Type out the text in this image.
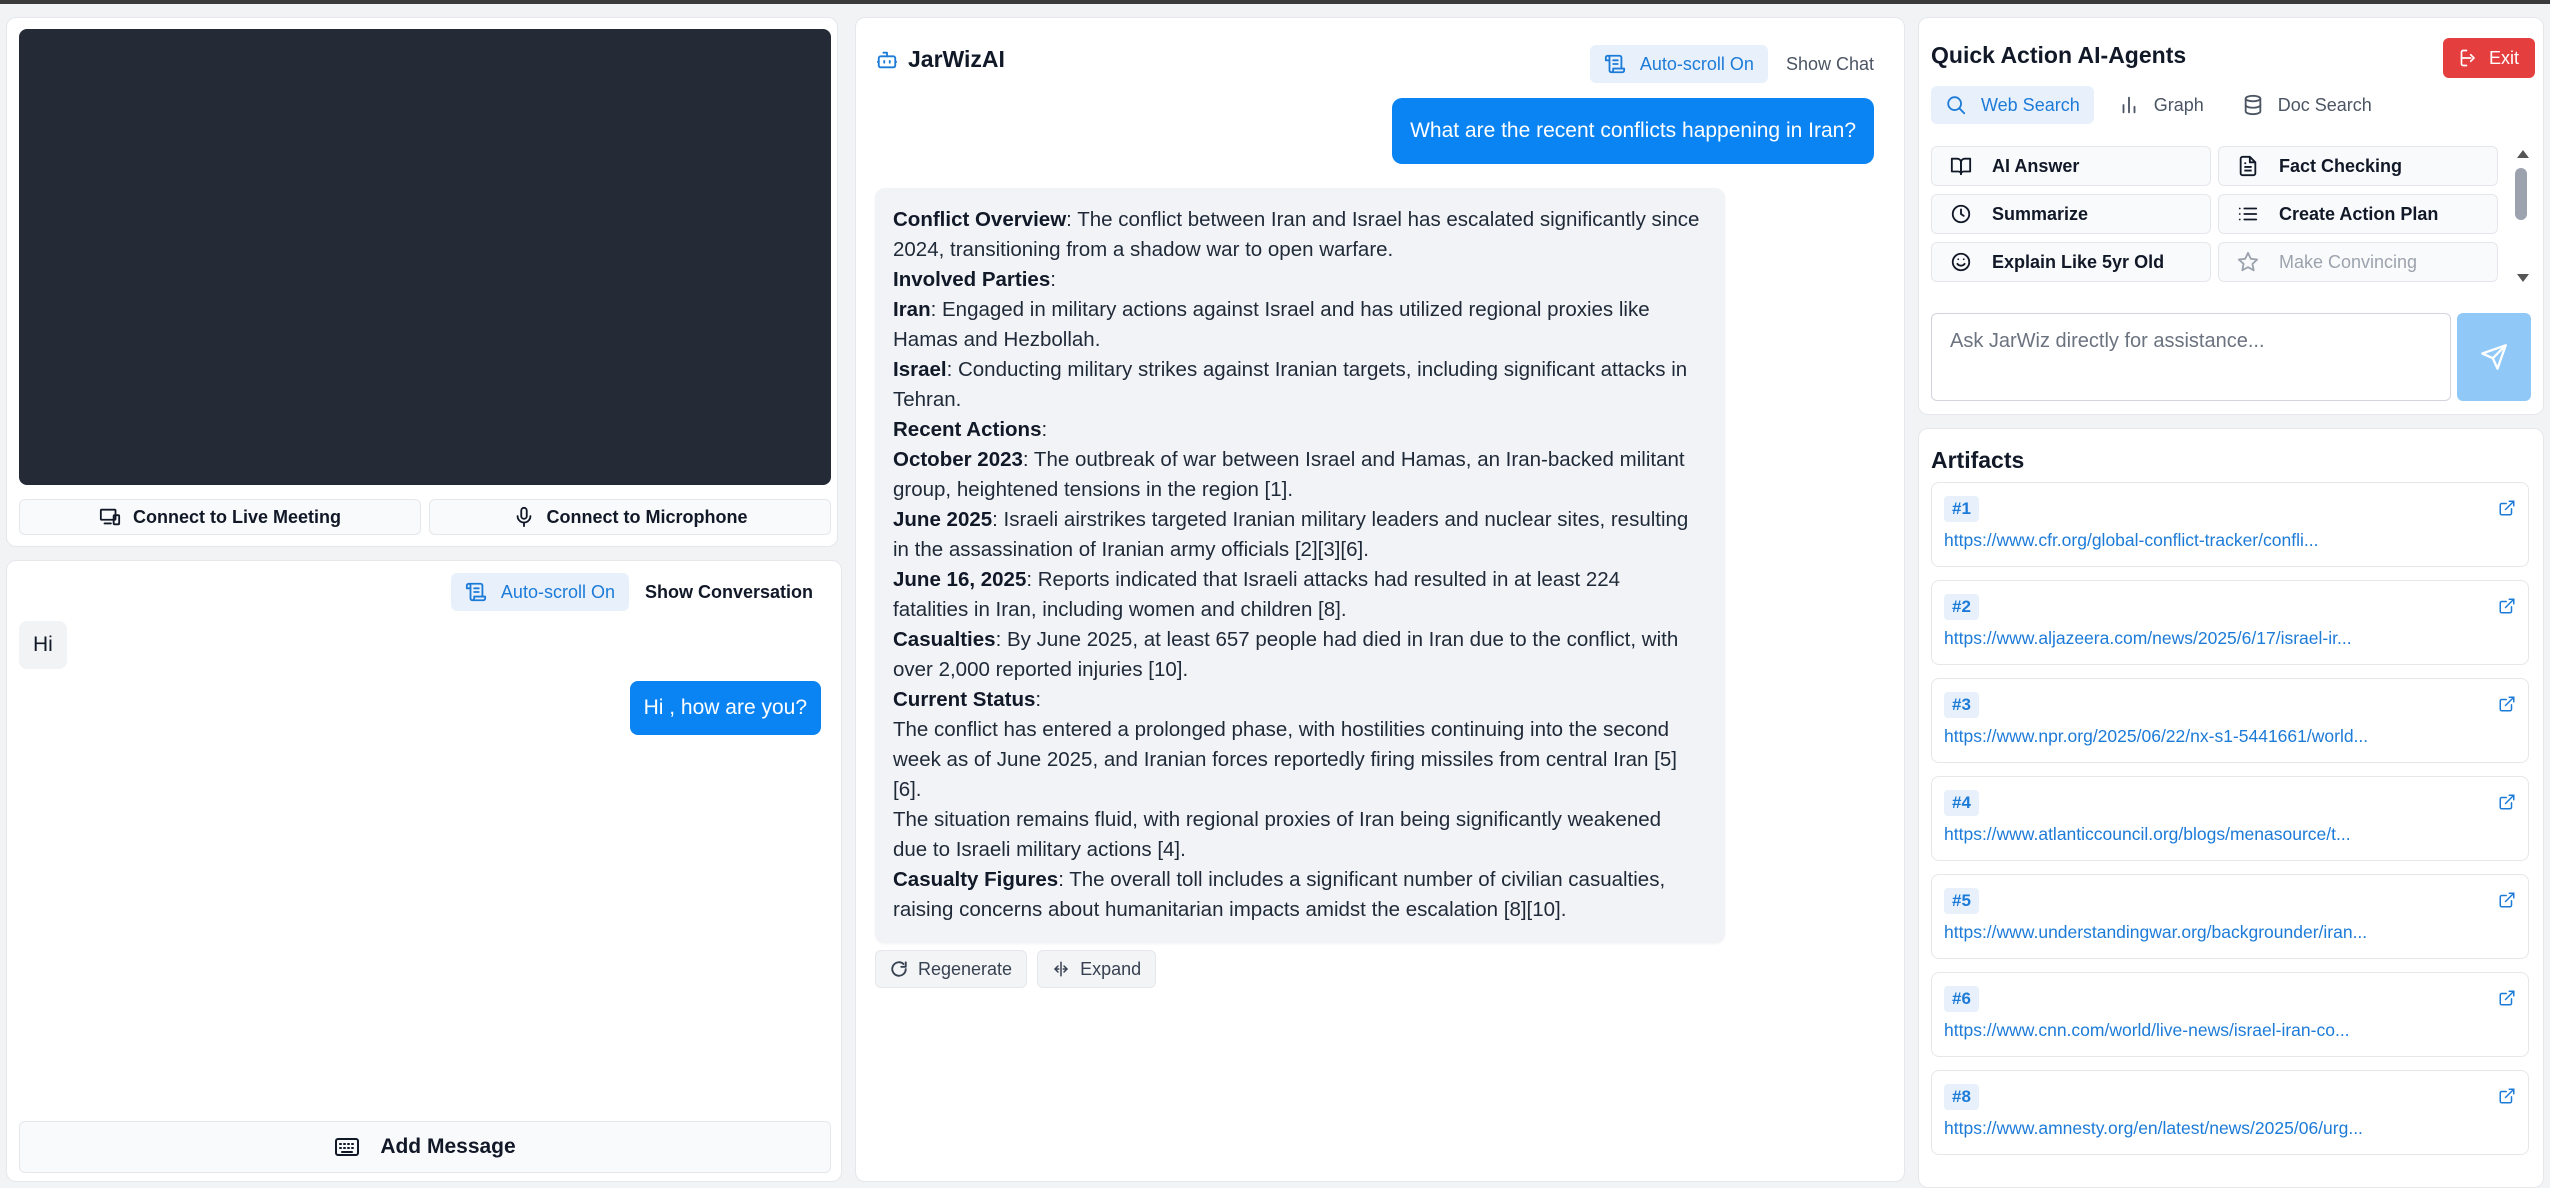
Connect to Live Meeting	Connect to Microphone
Auto-scroll On	Show Conversation
Hi
Hi , how are you?
Add Message
JarWizAI	Auto-scroll On	Show Chat
What are the recent conflicts happening in Iran?
Conflict Overview: The conflict between Iran and Israel has escalated significantly since
2024, transitioning from a shadow war to open warfare.
Involved Parties:
Iran: Engaged in military actions against Israel and has utilized regional proxies like
Hamas and Hezbollah.
Israel: Conducting military strikes against Iranian targets, including significant attacks in
Tehran.
Recent Actions:
October 2023: The outbreak of war between Israel and Hamas, an Iran-backed militant
group, heightened tensions in the region [1].
June 2025: Israeli airstrikes targeted Iranian military leaders and nuclear sites, resulting
in the assassination of Iranian army officials [2][3][6].
June 16, 2025: Reports indicated that Israeli attacks had resulted in at least 224
fatalities in Iran, including women and children [8].
Casualties: By June 2025, at least 657 people had died in Iran due to the conflict, with
over 2,000 reported injuries [10].
Current Status:
The conflict has entered a prolonged phase, with hostilities continuing into the second
week as of June 2025, and Iranian forces reportedly firing missiles from central Iran [5]
[6].
The situation remains fluid, with regional proxies of Iran being significantly weakened
due to Israeli military actions [4].
Casualty Figures: The overall toll includes a significant number of civilian casualties,
raising concerns about humanitarian impacts amidst the escalation [8][10].
Regenerate	Expand
Quick Action AI-Agents	Exit
Web Search	Graph	Doc Search
AI Answer	Fact Checking
Summarize	Create Action Plan
Explain Like 5yr Old	Make Convincing
Ask JarWiz directly for assistance...
Artifacts
#1
https://www.cfr.org/global-conflict-tracker/confli...
#2
https://www.aljazeera.com/news/2025/6/17/israel-ir...
#3
https://www.npr.org/2025/06/22/nx-s1-5441661/world...
#4
https://www.atlanticcouncil.org/blogs/menasource/t...
#5
https://www.understandingwar.org/backgrounder/iran...
#6
https://www.cnn.com/world/live-news/israel-iran-co...
#8
https://www.amnesty.org/en/latest/news/2025/06/urg...
